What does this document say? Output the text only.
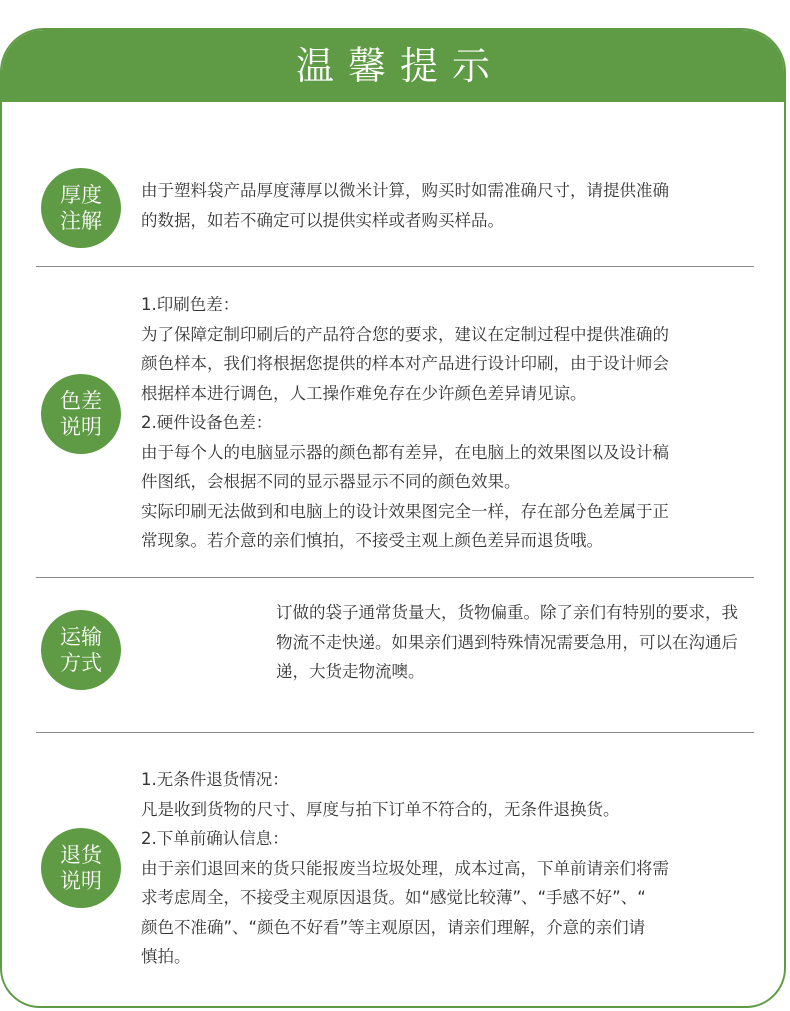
温馨提示
厚度
注解
由于塑料袋产品厚度薄厚以微米计算，购买时如需准确尺寸，请提供准确
的数据，如若不确定可以提供实样或者购买样品。
色差
说明
1.印刷色差：
为了保障定制印刷后的产品符合您的要求，建议在定制过程中提供准确的
颜色样本，我们将根据您提供的样本对产品进行设计印刷，由于设计师会
根据样本进行调色，人工操作难免存在少许颜色差异请见谅。
2.硬件设备色差：
由于每个人的电脑显示器的颜色都有差异，在电脑上的效果图以及设计稿
件图纸，会根据不同的显示器显示不同的颜色效果。
实际印刷无法做到和电脑上的设计效果图完全一样，存在部分色差属于正
常现象。若介意的亲们慎拍，不接受主观上颜色差异而退货哦。
运输
方式
订做的袋子通常货量大，货物偏重。除了亲们有特别的要求，我
物流不走快递。如果亲们遇到特殊情况需要急用，可以在沟通后
递，大货走物流噢。
退货
说明
1.无条件退货情况：
凡是收到货物的尺寸、厚度与拍下订单不符合的，无条件退换货。
2.下单前确认信息：
由于亲们退回来的货只能报废当垃圾处理，成本过高，下单前请亲们将需
求考虑周全，不接受主观原因退货。如“感觉比较薄”、“手感不好”、“
颜色不准确”、“颜色不好看”等主观原因，请亲们理解，介意的亲们请
慎拍。
